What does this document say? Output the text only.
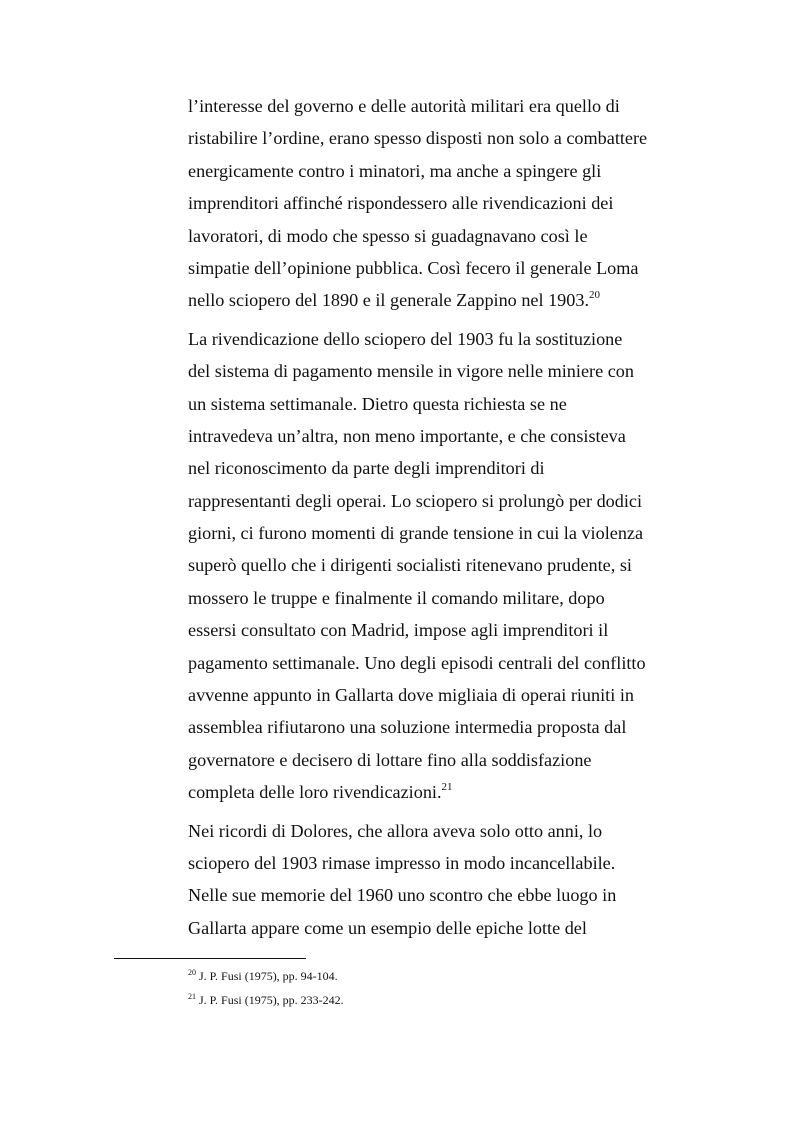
l’interesse del governo e delle autorità militari era quello di
ristabilire l’ordine, erano spesso disposti non solo a combattere
energicamente contro i minatori, ma anche a spingere gli
imprenditori affinché rispondessero alle rivendicazioni dei
lavoratori, di modo che spesso si guadagnavano così le
simpatie dell’opinione pubblica. Così fecero il generale Loma
nello sciopero del 1890 e il generale Zappino nel 1903.20
La rivendicazione dello sciopero del 1903 fu la sostituzione
del sistema di pagamento mensile in vigore nelle miniere con
un sistema settimanale. Dietro questa richiesta se ne
intravedeva un’altra, non meno importante, e che consisteva
nel riconoscimento da parte degli imprenditori di
rappresentanti degli operai. Lo sciopero si prolungò per dodici
giorni, ci furono momenti di grande tensione in cui la violenza
superò quello che i dirigenti socialisti ritenevano prudente, si
mossero le truppe e finalmente il comando militare, dopo
essersi consultato con Madrid, impose agli imprenditori il
pagamento settimanale. Uno degli episodi centrali del conflitto
avvenne appunto in Gallarta dove migliaia di operai riuniti in
assemblea rifiutarono una soluzione intermedia proposta dal
governatore e decisero di lottare fino alla soddisfazione
completa delle loro rivendicazioni.$^{21}$
Nei ricordi di Dolores, che allora aveva solo otto anni, lo
sciopero del 1903 rimase impresso in modo incancellabile.
Nelle sue memorie del 1960 uno scontro che ebbe luogo in
Gallarta appare come un esempio delle epiche lotte del
$^{20}$ J. P. Fusi (1975), pp. 94-104.
$^{21}$ J. P. Fusi (1975), pp. 233-242.
